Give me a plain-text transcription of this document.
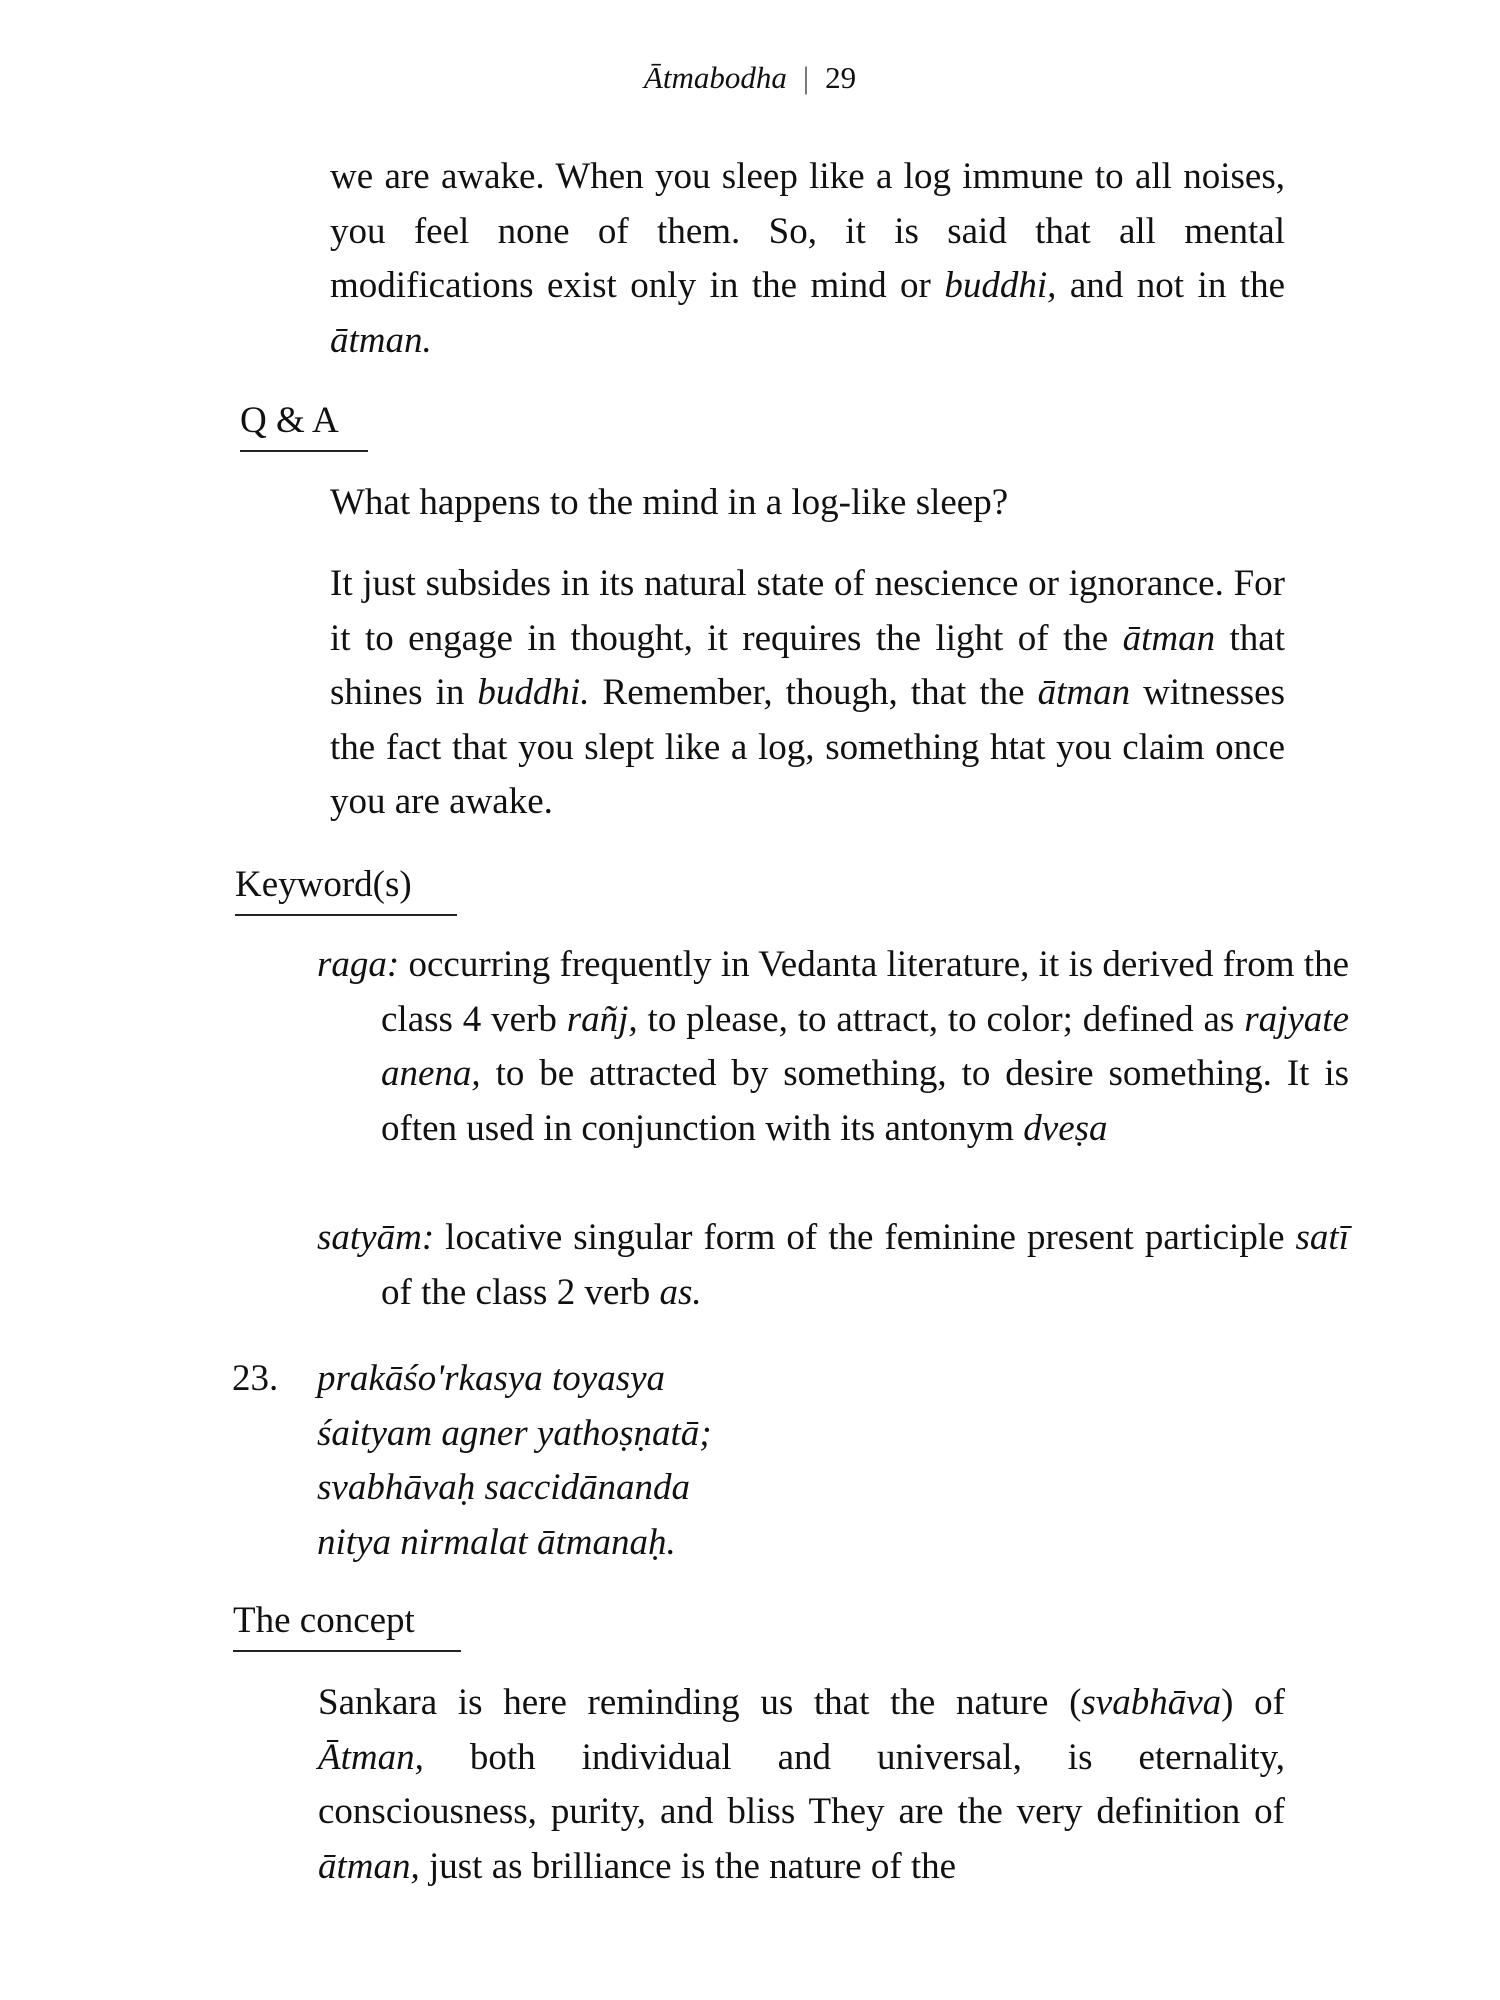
Ātmabodha | 29
we are awake. When you sleep like a log immune to all noises, you feel none of them. So, it is said that all mental modifications exist only in the mind or buddhi, and not in the ātman.
Q & A
What happens to the mind in a log-like sleep?
It just subsides in its natural state of nescience or ignorance. For it to engage in thought, it requires the light of the ātman that shines in buddhi. Remember, though, that the ātman witnesses the fact that you slept like a log, something htat you claim once you are awake.
Keyword(s)
raga: occurring frequently in Vedanta literature, it is derived from the class 4 verb rañj, to please, to attract, to color; defined as rajyate anena, to be attracted by something, to desire something. It is often used in conjunction with its antonym dveṣa
satyām: locative singular form of the feminine present participle satī of the class 2 verb as.
23. prakāśo'rkasya toyasya
śaityam agner yathoṣṇatā;
svabhāvaḥ saccidānanda
nitya nirmalat ātmanaḥ.
The concept
Sankara is here reminding us that the nature (svabhāva) of Ātman, both individual and universal, is eternality, consciousness, purity, and bliss They are the very definition of ātman, just as brilliance is the nature of the
